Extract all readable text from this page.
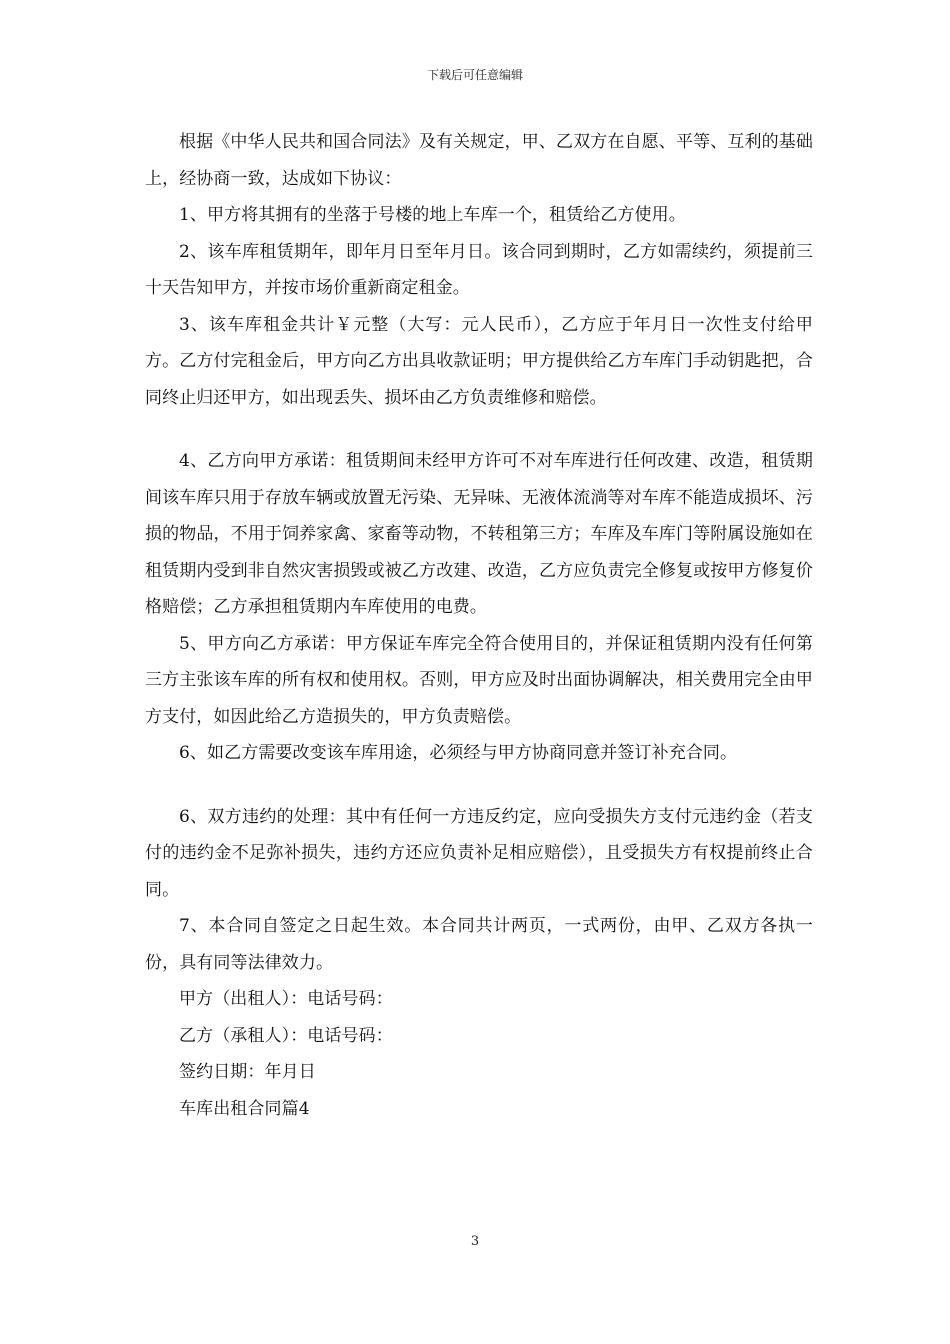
下载后可任意编辑

根据《中华人民共和国合同法》及有关规定，甲、乙双方在自愿、平等、互利的基础上，经协商一致，达成如下协议：

1、甲方将其拥有的坐落于号楼的地上车库一个，租赁给乙方使用。

2、该车库租赁期年，即年月日至年月日。该合同到期时，乙方如需续约，须提前三十天告知甲方，并按市场价重新商定租金。

3、该车库租金共计￥元整（大写：元人民币），乙方应于年月日一次性支付给甲方。乙方付完租金后，甲方向乙方出具收款证明；甲方提供给乙方车库门手动钥匙把，合同终止归还甲方，如出现丢失、损坏由乙方负责维修和赔偿。

4、乙方向甲方承诺：租赁期间未经甲方许可不对车库进行任何改建、改造，租赁期间该车库只用于存放车辆或放置无污染、无异味、无液体流淌等对车库不能造成损坏、污损的物品，不用于饲养家禽、家畜等动物，不转租第三方；车库及车库门等附属设施如在租赁期内受到非自然灾害损毁或被乙方改建、改造，乙方应负责完全修复或按甲方修复价格赔偿；乙方承担租赁期内车库使用的电费。

5、甲方向乙方承诺：甲方保证车库完全符合使用目的，并保证租赁期内没有任何第三方主张该车库的所有权和使用权。否则，甲方应及时出面协调解决，相关费用完全由甲方支付，如因此给乙方造损失的，甲方负责赔偿。

6、如乙方需要改变该车库用途，必须经与甲方协商同意并签订补充合同。

6、双方违约的处理：其中有任何一方违反约定，应向受损失方支付元违约金（若支付的违约金不足弥补损失，违约方还应负责补足相应赔偿），且受损失方有权提前终止合同。

7、本合同自签定之日起生效。本合同共计两页，一式两份，由甲、乙双方各执一份，具有同等法律效力。

甲方（出租人）：电话号码：

乙方（承租人）：电话号码：

签约日期：年月日

车库出租合同篇4

3
